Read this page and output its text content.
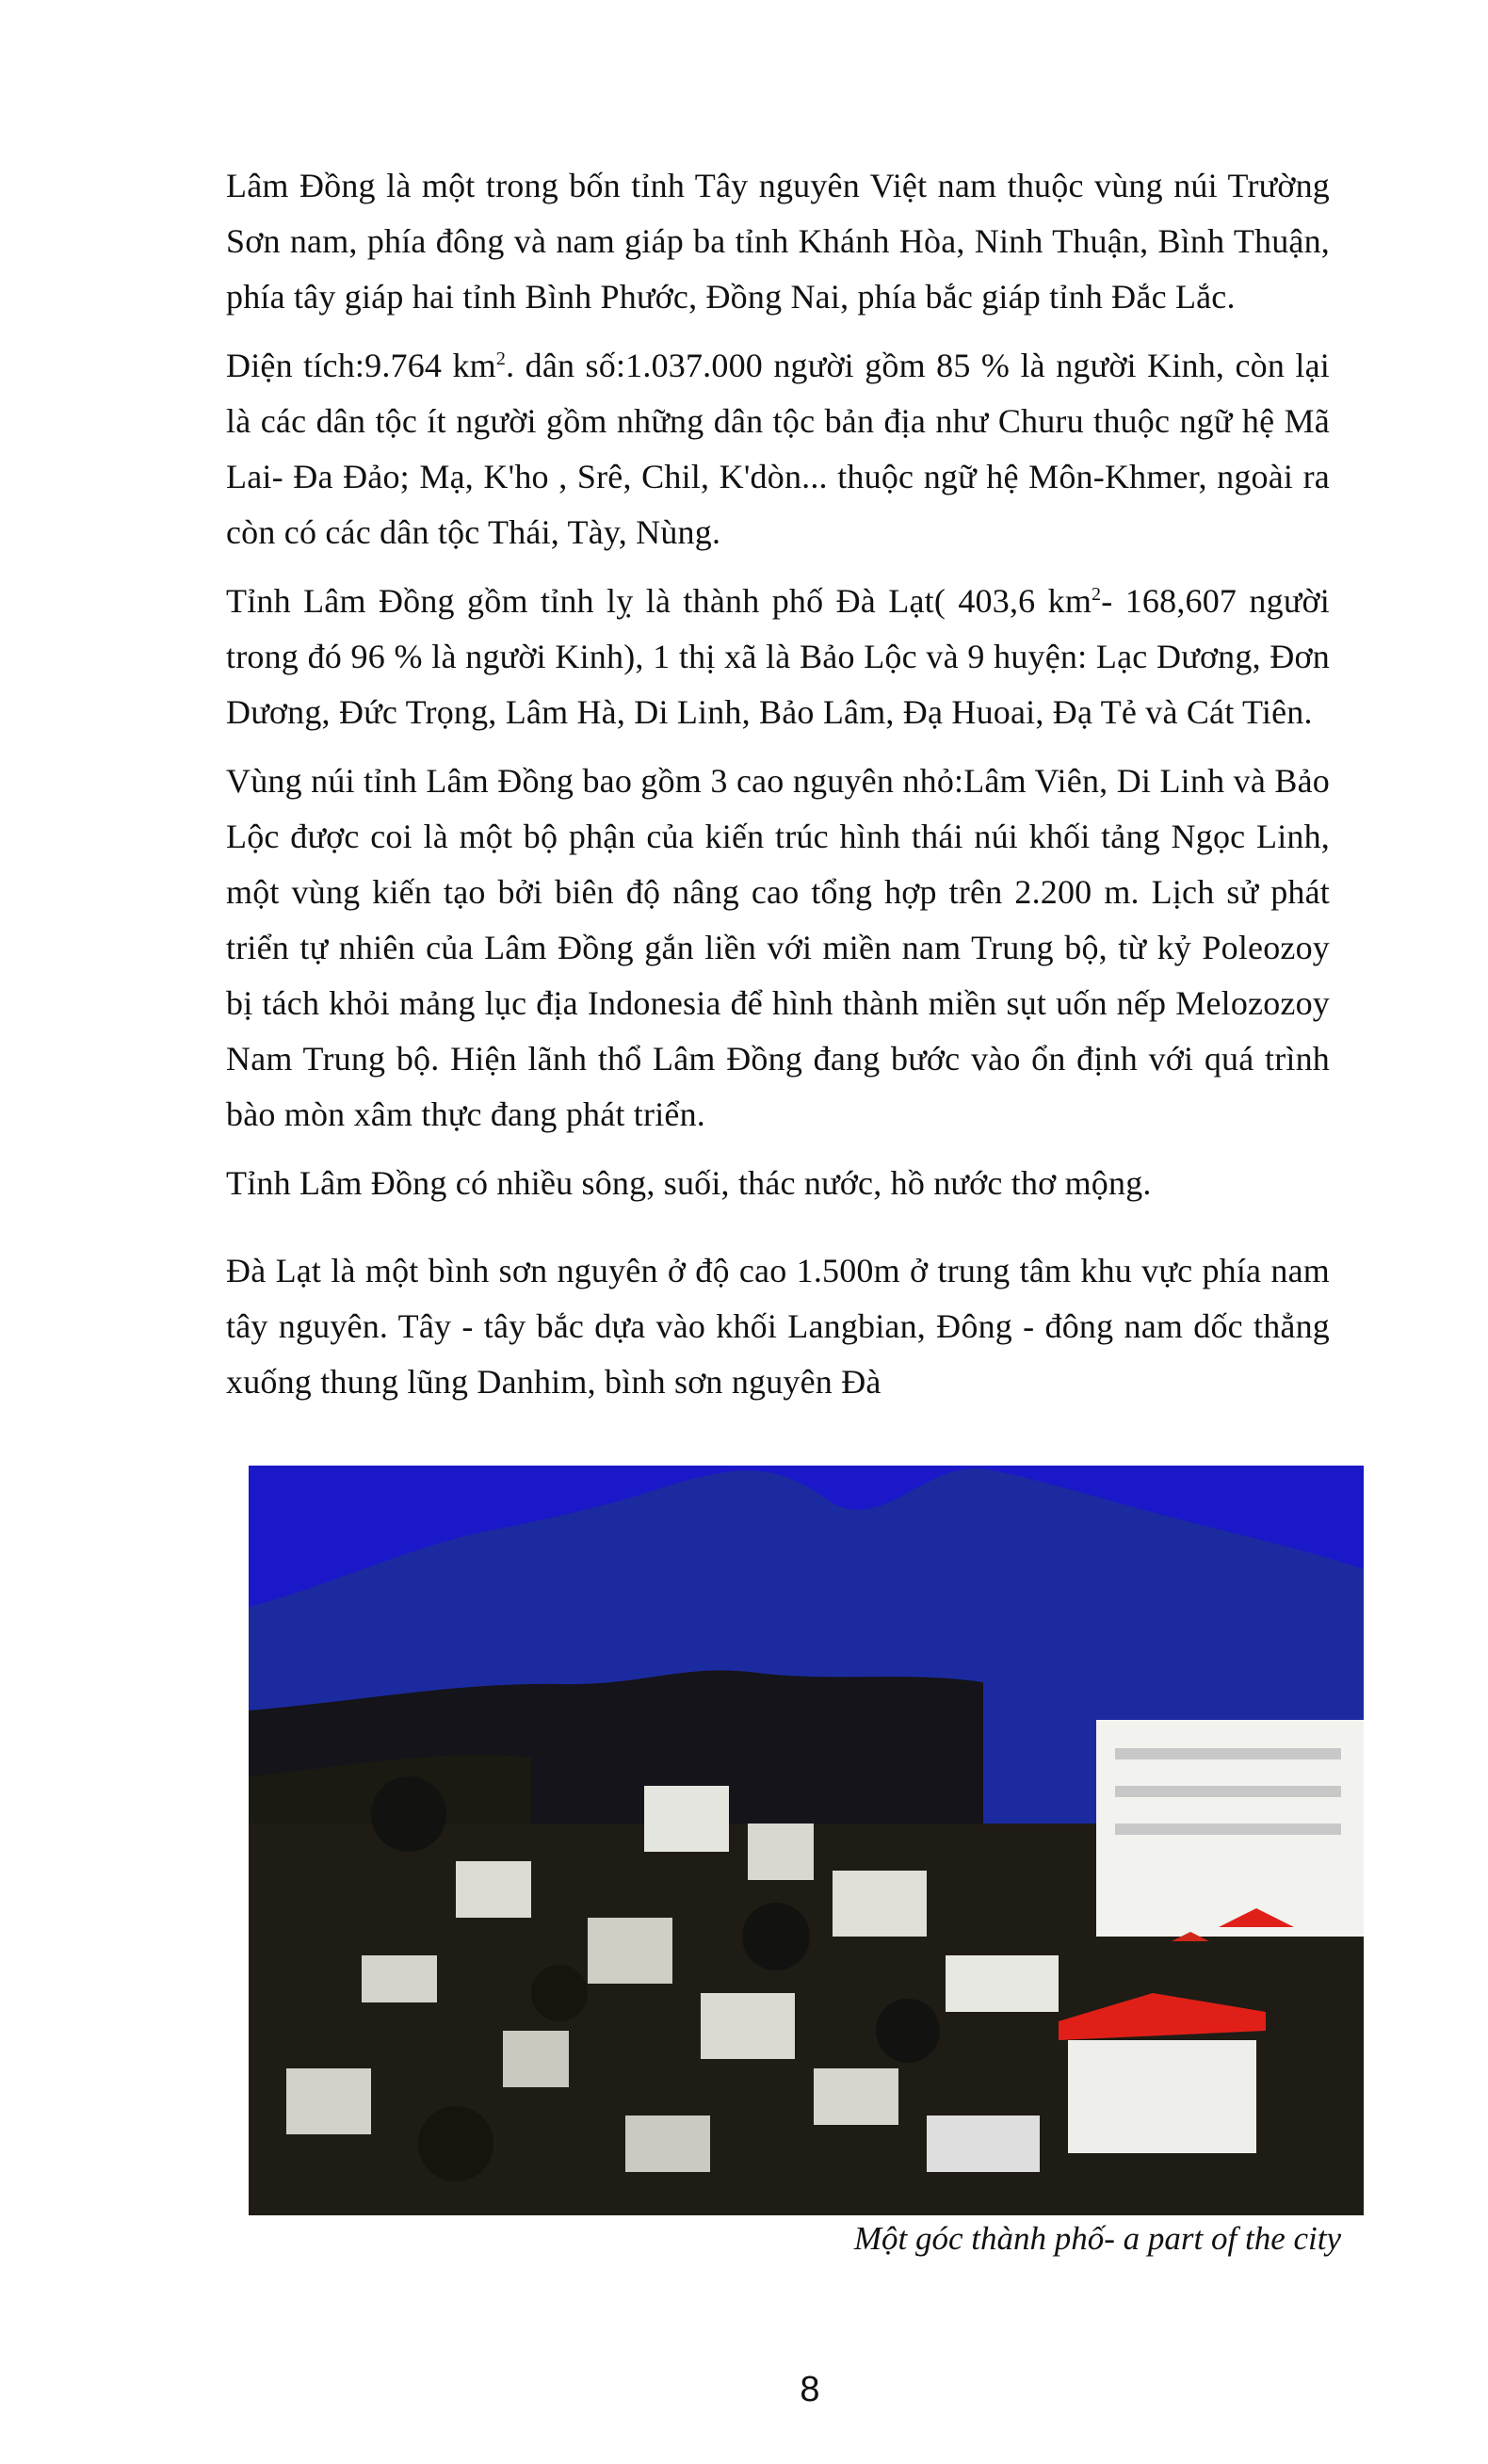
Lâm Đồng là một trong bốn tỉnh Tây nguyên Việt nam thuộc vùng núi Trường Sơn nam, phía đông và nam giáp ba tỉnh Khánh Hòa, Ninh Thuận, Bình Thuận, phía tây giáp hai tỉnh Bình Phước, Đồng Nai, phía bắc giáp tỉnh Đắc Lắc.

Diện tích:9.764 $km^2$. dân số:1.037.000 người gồm 85 % là người Kinh, còn lại là các dân tộc ít người gồm những dân tộc bản địa như Churu thuộc ngữ hệ Mã Lai- Đa Đảo; Mạ, K'ho , Srê, Chil, K'dòn... thuộc ngữ hệ Môn-Khmer, ngoài ra còn có các dân tộc Thái, Tày, Nùng.

Tỉnh Lâm Đồng gồm tỉnh lỵ là thành phố Đà Lạt( 403,6 $km^2-$ 168,607 người trong đó 96 % là người Kinh), 1 thị xã là Bảo Lộc và 9 huyện: Lạc Dương, Đơn Dương, Đức Trọng, Lâm Hà, Di Linh, Bảo Lâm, Đạ Huoai, Đạ Tẻ và Cát Tiên.

Vùng núi tỉnh Lâm Đồng bao gồm 3 cao nguyên nhỏ:Lâm Viên, Di Linh và Bảo Lộc được coi là một bộ phận của kiến trúc hình thái núi khối tảng Ngọc Linh, một vùng kiến tạo bởi biên độ nâng cao tổng hợp trên 2.200 m. Lịch sử phát triển tự nhiên của Lâm Đồng gắn liền với miền nam Trung bộ, từ kỷ Poleozoy bị tách khỏi mảng lục địa Indonesia để hình thành miền sụt uốn nếp Melozozoy Nam Trung bộ. Hiện lãnh thổ Lâm Đồng đang bước vào ổn định với quá trình bào mòn xâm thực đang phát triển.

Tỉnh Lâm Đồng có nhiều sông, suối, thác nước, hồ nước thơ mộng.

Đà Lạt là một bình sơn nguyên ở độ cao 1.500m ở trung tâm khu vực phía nam tây nguyên. Tây - tây bắc dựa vào khối Langbian, Đông - đông nam dốc thẳng xuống thung lũng Danhim, bình sơn nguyên Đà

Một góc thành phố- a part of the city
8
